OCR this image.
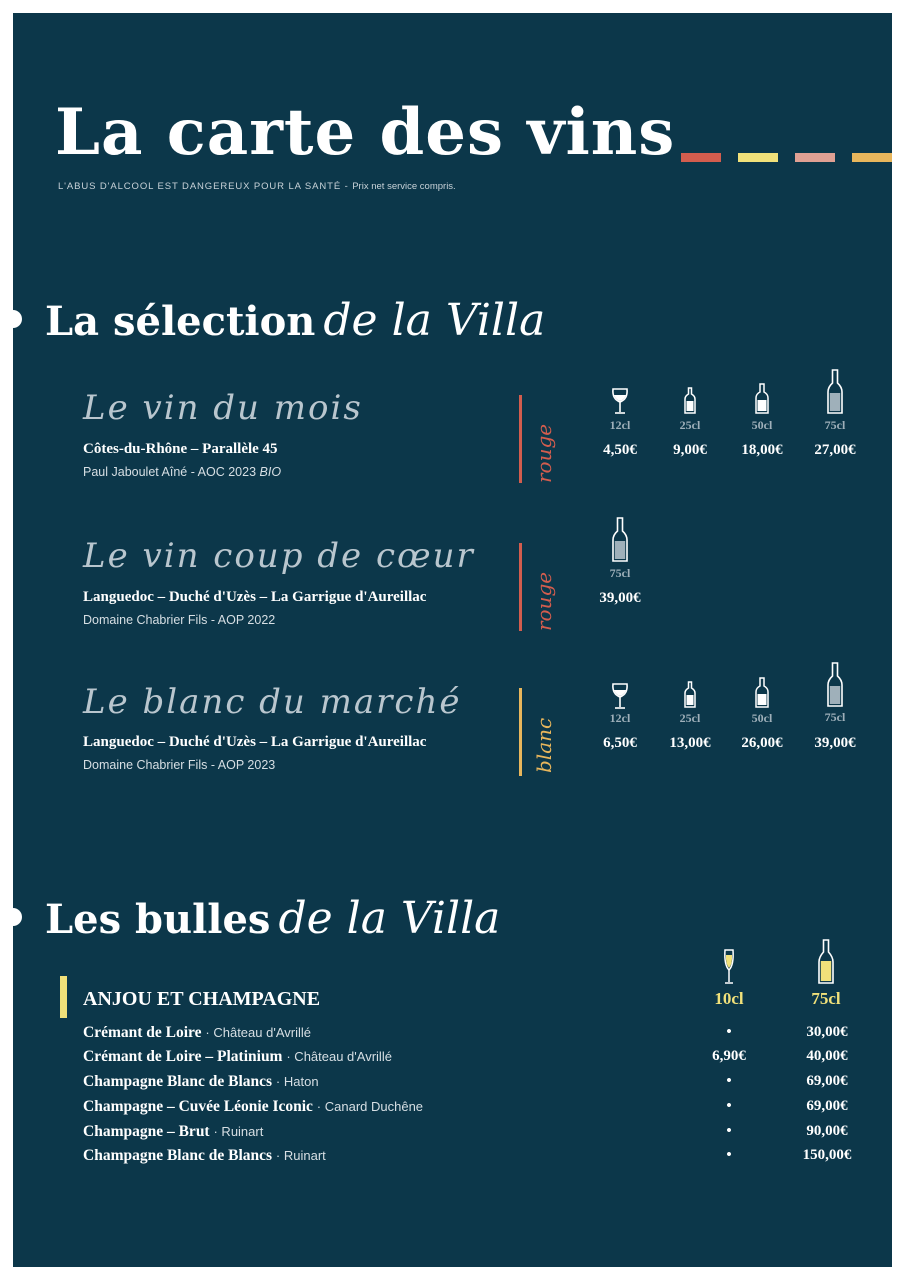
La carte des vins
L'ABUS D'ALCOOL EST DANGEREUX POUR LA SANTÉ - Prix net service compris.
La sélection de la Villa
Le vin du mois
Côtes-du-Rhône – Parallèle 45
Paul Jaboulet Aîné - AOC 2023 BIO	rouge	12cl	25cl	50cl	75cl
4,50€	9,00€	18,00€	27,00€
Le vin coup de cœur
Languedoc – Duché d'Uzès – La Garrigue d'Aureillac
Domaine Chabrier Fils - AOP 2022	rouge	75cl
39,00€
Le blanc du marché
Languedoc – Duché d'Uzès – La Garrigue d'Aureillac
Domaine Chabrier Fils - AOP 2023	blanc	12cl	25cl	50cl	75cl
6,50€	13,00€	26,00€	39,00€
Les bulles de la Villa
ANJOU ET CHAMPAGNE	10cl	75cl
Crémant de Loire · Château d'Avrillé	•	30,00€
Crémant de Loire – Platinium · Château d'Avrillé	6,90€	40,00€
Champagne Blanc de Blancs · Haton	•	69,00€
Champagne – Cuvée Léonie Iconic · Canard Duchêne	•	69,00€
Champagne – Brut · Ruinart	•	90,00€
Champagne Blanc de Blancs · Ruinart	•	150,00€
